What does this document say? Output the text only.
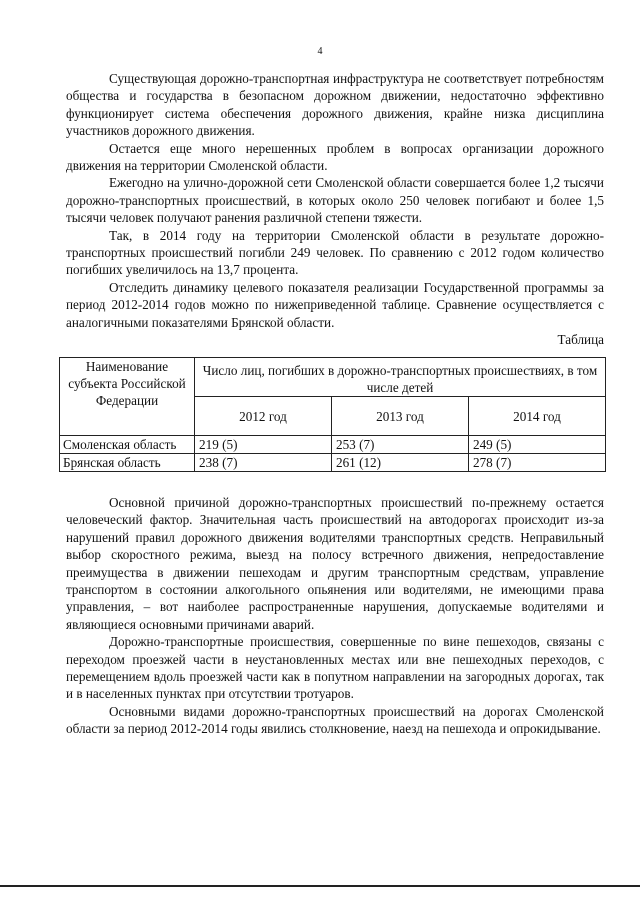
4

Существующая дорожно-транспортная инфраструктура не соответствует потребностям общества и государства в безопасном дорожном движении, недостаточно эффективно функционирует система обеспечения дорожного движения, крайне низка дисциплина участников дорожного движения.

Остается еще много нерешенных проблем в вопросах организации дорожного движения на территории Смоленской области.

Ежегодно на улично-дорожной сети Смоленской области совершается более 1,2 тысячи дорожно-транспортных происшествий, в которых около 250 человек погибают и более 1,5 тысячи человек получают ранения различной степени тяжести.

Так, в 2014 году на территории Смоленской области в результате дорожно-транспортных происшествий погибли 249 человек. По сравнению с 2012 годом количество погибших увеличилось на 13,7 процента.

Отследить динамику целевого показателя реализации Государственной программы за период 2012-2014 годов можно по нижеприведенной таблице. Сравнение осуществляется с аналогичными показателями Брянской области.

Таблица

Наименование субъекта Российской Федерации	Число лиц, погибших в дорожно-транспортных происшествиях, в том числе детей		
	2012 год	2013 год	2014 год
Смоленская область	219 (5)	253 (7)	249 (5)
Брянская область	238 (7)	261 (12)	278 (7)

Основной причиной дорожно-транспортных происшествий по-прежнему остается человеческий фактор. Значительная часть происшествий на автодорогах происходит из-за нарушений правил дорожного движения водителями транспортных средств. Неправильный выбор скоростного режима, выезд на полосу встречного движения, непредоставление преимущества в движении пешеходам и другим транспортным средствам, управление транспортом в состоянии алкогольного опьянения или водителями, не имеющими права управления, – вот наиболее распространенные нарушения, допускаемые водителями и являющиеся основными причинами аварий.

Дорожно-транспортные происшествия, совершенные по вине пешеходов, связаны с переходом проезжей части в неустановленных местах или вне пешеходных переходов, с перемещением вдоль проезжей части как в попутном направлении на загородных дорогах, так и в населенных пунктах при отсутствии тротуаров.

Основными видами дорожно-транспортных происшествий на дорогах Смоленской области за период 2012-2014 годы явились столкновение, наезд на пешехода и опрокидывание.
